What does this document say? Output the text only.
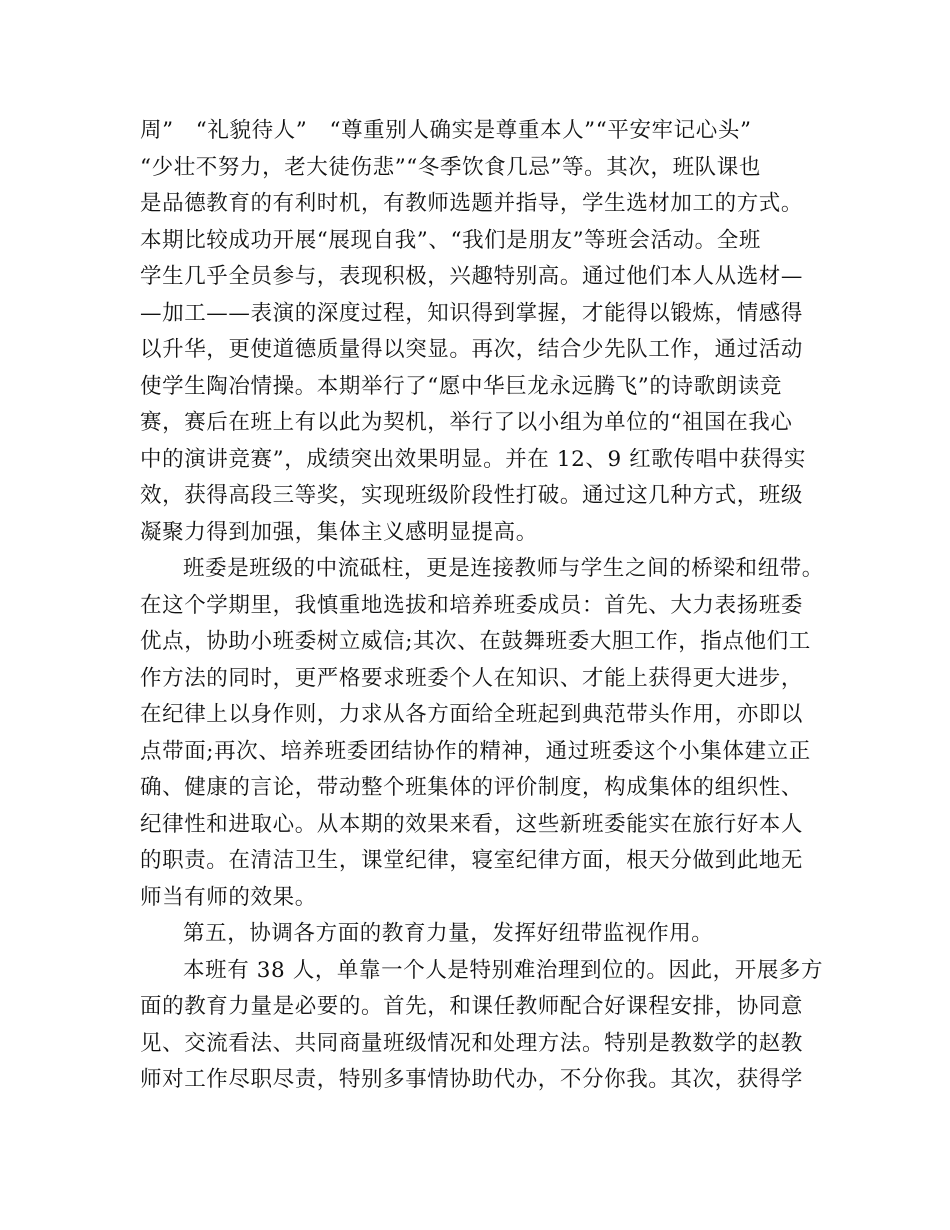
周”　“礼貌待人”　“尊重别人确实是尊重本人”“平安牢记心头”
“少壮不努力，老大徒伤悲”“冬季饮食几忌”等。其次，班队课也
是品德教育的有利时机，有教师选题并指导，学生选材加工的方式。
本期比较成功开展“展现自我”、“我们是朋友”等班会活动。全班
学生几乎全员参与，表现积极，兴趣特别高。通过他们本人从选材—
—加工——表演的深度过程，知识得到掌握，才能得以锻炼，情感得
以升华，更使道德质量得以突显。再次，结合少先队工作，通过活动
使学生陶冶情操。本期举行了“愿中华巨龙永远腾飞”的诗歌朗读竞
赛，赛后在班上有以此为契机，举行了以小组为单位的“祖国在我心
中的演讲竞赛”，成绩突出效果明显。并在 12、9 红歌传唱中获得实
效，获得高段三等奖，实现班级阶段性打破。通过这几种方式，班级
凝聚力得到加强，集体主义感明显提高。
班委是班级的中流砥柱，更是连接教师与学生之间的桥梁和纽带。
在这个学期里，我慎重地选拔和培养班委成员：首先、大力表扬班委
优点，协助小班委树立威信;其次、在鼓舞班委大胆工作，指点他们工
作方法的同时，更严格要求班委个人在知识、才能上获得更大进步，
在纪律上以身作则，力求从各方面给全班起到典范带头作用，亦即以
点带面;再次、培养班委团结协作的精神，通过班委这个小集体建立正
确、健康的言论，带动整个班集体的评价制度，构成集体的组织性、
纪律性和进取心。从本期的效果来看，这些新班委能实在旅行好本人
的职责。在清洁卫生，课堂纪律，寝室纪律方面，根天分做到此地无
师当有师的效果。
第五，协调各方面的教育力量，发挥好纽带监视作用。
本班有 38 人，单靠一个人是特别难治理到位的。因此，开展多方
面的教育力量是必要的。首先，和课任教师配合好课程安排，协同意
见、交流看法、共同商量班级情况和处理方法。特别是教数学的赵教
师对工作尽职尽责，特别多事情协助代办，不分你我。其次，获得学
